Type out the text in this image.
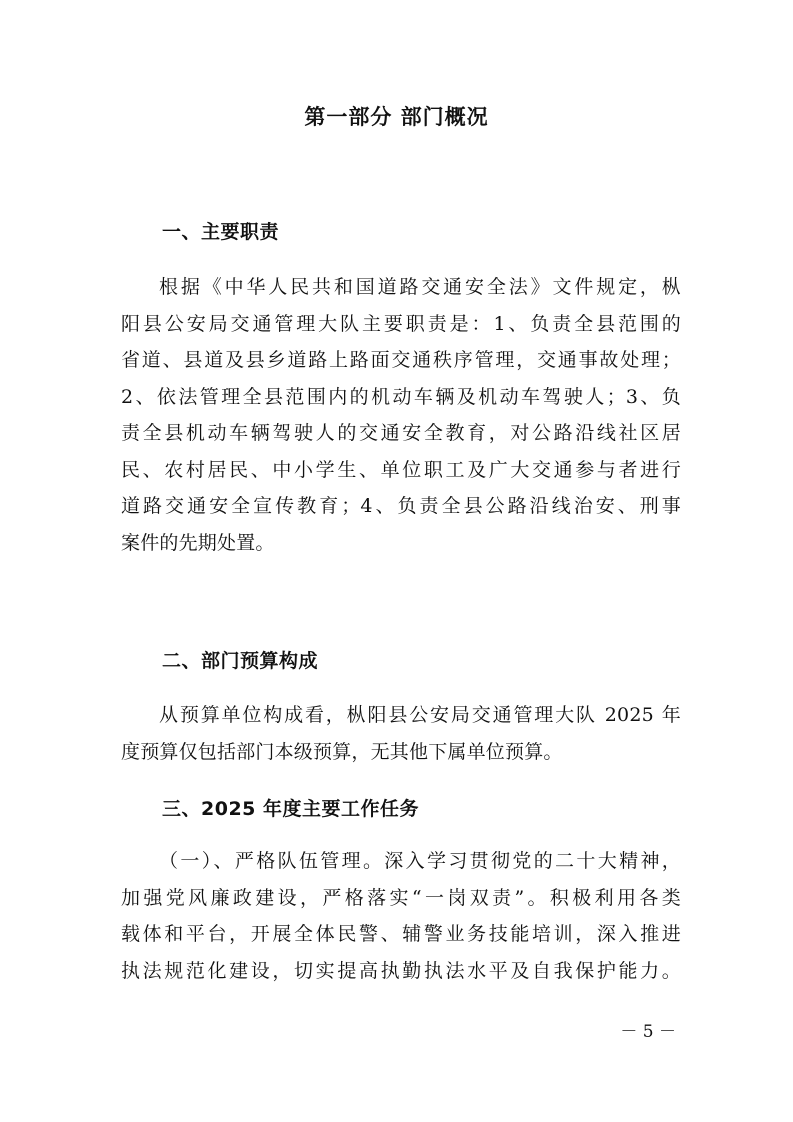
第一部分 部门概况
一、主要职责
根据《中华人民共和国道路交通安全法》文件规定，枞
阳县公安局交通管理大队主要职责是：1、负责全县范围的
省道、县道及县乡道路上路面交通秩序管理，交通事故处理；
2、依法管理全县范围内的机动车辆及机动车驾驶人；3、负
责全县机动车辆驾驶人的交通安全教育，对公路沿线社区居
民、农村居民、中小学生、单位职工及广大交通参与者进行
道路交通安全宣传教育；4、负责全县公路沿线治安、刑事
案件的先期处置。
二、部门预算构成
从预算单位构成看，枞阳县公安局交通管理大队 2025 年
度预算仅包括部门本级预算，无其他下属单位预算。
三、2025 年度主要工作任务
（一）、严格队伍管理。深入学习贯彻党的二十大精神，
加强党风廉政建设，严格落实“一岗双责”。积极利用各类
载体和平台，开展全体民警、辅警业务技能培训，深入推进
执法规范化建设，切实提高执勤执法水平及自我保护能力。
－ 5 －
